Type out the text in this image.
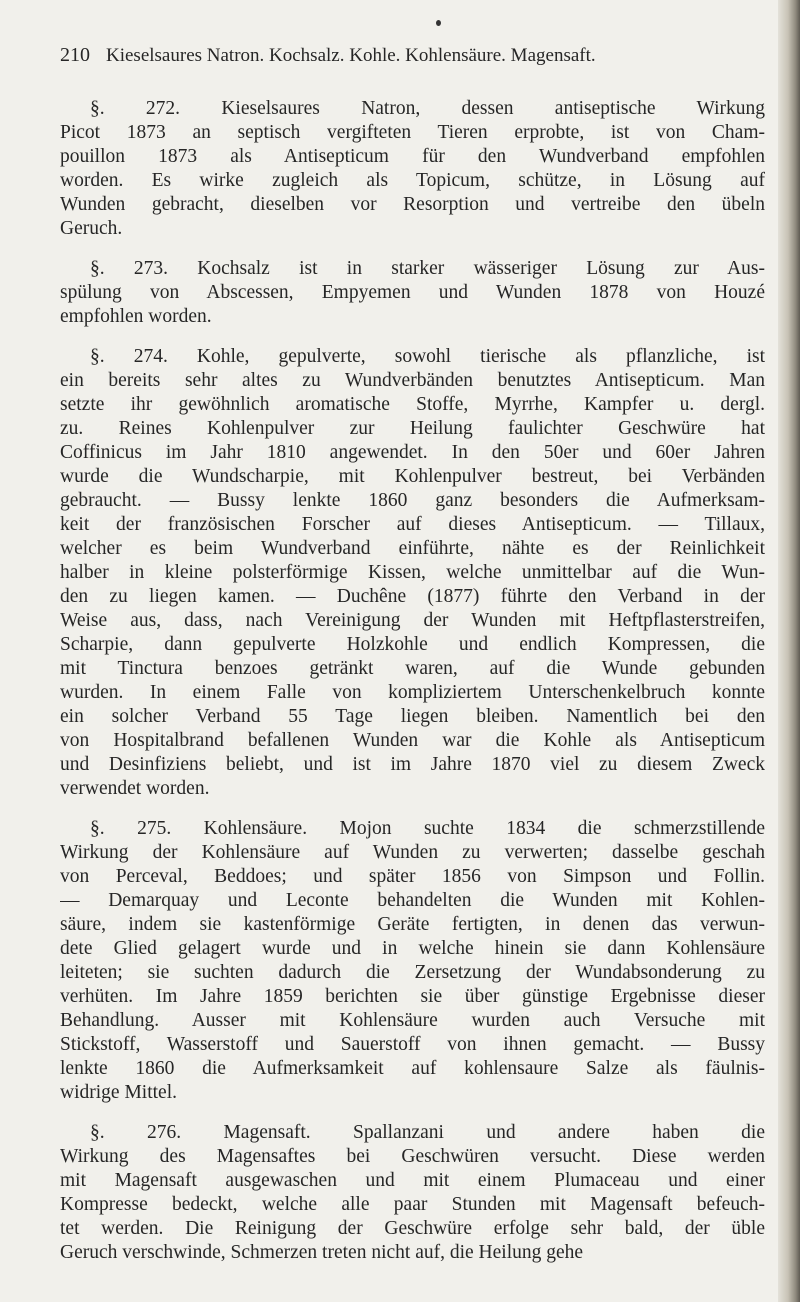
210 Kieselsaures Natron. Kochsalz. Kohle. Kohlensäure. Magensaft.
§. 272. Kieselsaures Natron, dessen antiseptische Wirkung
Picot 1873 an septisch vergifteten Tieren erprobte, ist von Cham-
pouillon 1873 als Antisepticum für den Wundverband empfohlen
worden. Es wirke zugleich als Topicum, schütze, in Lösung auf
Wunden gebracht, dieselben vor Resorption und vertreibe den übeln
Geruch.
§. 273. Kochsalz ist in starker wässeriger Lösung zur Aus-
spülung von Abscessen, Empyemen und Wunden 1878 von Houzé
empfohlen worden.
§. 274. Kohle, gepulverte, sowohl tierische als pflanzliche, ist
ein bereits sehr altes zu Wundverbänden benutztes Antisepticum. Man
setzte ihr gewöhnlich aromatische Stoffe, Myrrhe, Kampfer u. dergl.
zu. Reines Kohlenpulver zur Heilung faulichter Geschwüre hat
Coffinicus im Jahr 1810 angewendet. In den 50er und 60er Jahren
wurde die Wundscharpie, mit Kohlenpulver bestreut, bei Verbänden
gebraucht. — Bussy lenkte 1860 ganz besonders die Aufmerksam-
keit der französischen Forscher auf dieses Antisepticum. — Tillaux,
welcher es beim Wundverband einführte, nähte es der Reinlichkeit
halber in kleine polsterförmige Kissen, welche unmittelbar auf die Wun-
den zu liegen kamen. — Duchêne (1877) führte den Verband in der
Weise aus, dass, nach Vereinigung der Wunden mit Heftpflasterstreifen,
Scharpie, dann gepulverte Holzkohle und endlich Kompressen, die
mit Tinctura benzoes getränkt waren, auf die Wunde gebunden
wurden. In einem Falle von kompliziertem Unterschenkelbruch konnte
ein solcher Verband 55 Tage liegen bleiben. Namentlich bei den
von Hospitalbrand befallenen Wunden war die Kohle als Antisepticum
und Desinfiziens beliebt, und ist im Jahre 1870 viel zu diesem Zweck
verwendet worden.
§. 275. Kohlensäure. Mojon suchte 1834 die schmerzstillende
Wirkung der Kohlensäure auf Wunden zu verwerten; dasselbe geschah
von Perceval, Beddoes; und später 1856 von Simpson und Follin.
— Demarquay und Leconte behandelten die Wunden mit Kohlen-
säure, indem sie kastenförmige Geräte fertigten, in denen das verwun-
dete Glied gelagert wurde und in welche hinein sie dann Kohlensäure
leiteten; sie suchten dadurch die Zersetzung der Wundabsonderung zu
verhüten. Im Jahre 1859 berichten sie über günstige Ergebnisse dieser
Behandlung. Ausser mit Kohlensäure wurden auch Versuche mit
Stickstoff, Wasserstoff und Sauerstoff von ihnen gemacht. — Bussy
lenkte 1860 die Aufmerksamkeit auf kohlensaure Salze als fäulnis-
widrige Mittel.
§. 276. Magensaft. Spallanzani und andere haben die
Wirkung des Magensaftes bei Geschwüren versucht. Diese werden
mit Magensaft ausgewaschen und mit einem Plumaceau und einer
Kompresse bedeckt, welche alle paar Stunden mit Magensaft befeuch-
tet werden. Die Reinigung der Geschwüre erfolge sehr bald, der üble
Geruch verschwinde, Schmerzen treten nicht auf, die Heilung gehe
